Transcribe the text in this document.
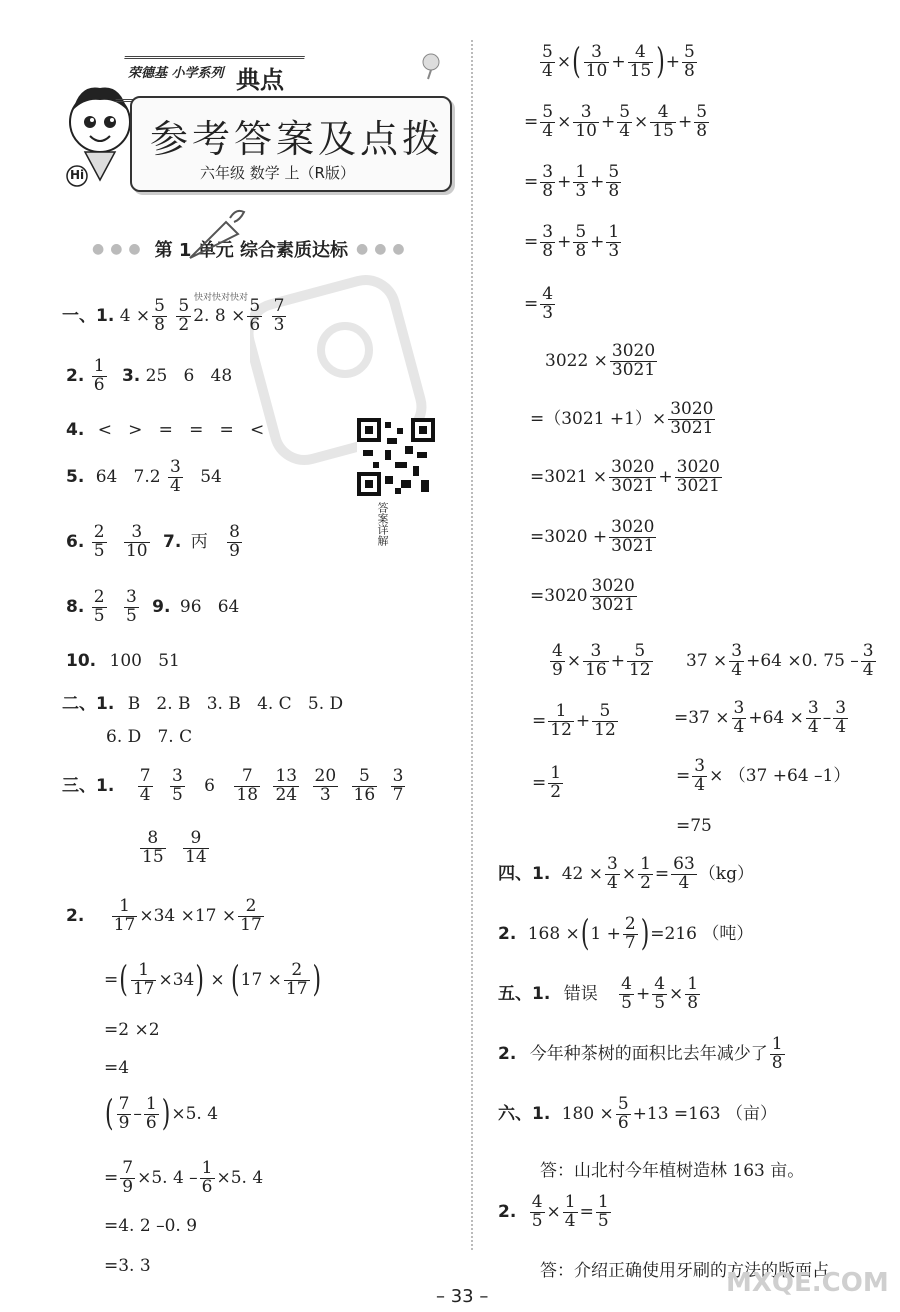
Hi
荣德基 小学系列 典点
参考答案及点拨
六年级 数学 上（R版）
●●● 第 1 单元 综合素质达标 ●●●
快对快对快对
答案详解
一、1. $4 \times \frac{5}{8}$
$\frac{5}{2} 2$. $8 \times \frac{5}{6}$
$\frac{7}{3}$
2. $\frac{1}{6} 3$. 25   6   48
4. <   >   =   =   =   <
5. 64   $7.2 \frac{3}{4} 54$
6. $\frac{2}{5}$
$\frac{3}{10} 7$. 丙 $\frac{8}{9}$
8. $\frac{2}{5}$
$\frac{3}{5} 9$. 96   64
10. 100   51
二、1. B   2. B   3. B   4. C   5. D
6. D   7. C
三、1. $\frac{7}{4}$
$\frac{3}{5} 6 \frac{7}{18}$
$\frac{13}{24}$
$\frac{20}{3}$
$\frac{5}{16}$
$\frac{3}{7}$
$\frac{8}{15}$
$\frac{9}{14}$
2. $\frac{1}{17} \times 34 \times 17 \times \frac{2}{17}$
=( $\frac{1}{17} \times 34) \times (17 \times \frac{2}{17}$ )
=2 ×2
=4
( $\frac{7}{9} - \frac{1}{6} )\times 5$. 4
= $\frac{7}{9} \times 5$. $4 - \frac{1}{6} \times 5$. 4
=4. 2 –0. 9
=3. 3
$\frac{5}{4}$ ×( $\frac{3}{10} + \frac{4}{15}$ )+ $\frac{5}{8}$
= $\frac{5}{4} \times \frac{3}{10} + \frac{5}{4} \times \frac{4}{15} + \frac{5}{8}$
= $\frac{3}{8} + \frac{1}{3} + \frac{5}{8}$
= $\frac{3}{8} + \frac{5}{8} + \frac{1}{3}$
= $\frac{4}{3}$
$3022 \times \frac{3020}{3021}$
$=(3021 +1)\times \frac{3020}{3021}$
$=3021 \times \frac{3020}{3021} + \frac{3020}{3021}$
$=3020 + \frac{3020}{3021}$
$=3020 \frac{3020}{3021}$
$\frac{4}{9} \times \frac{3}{16} + \frac{5}{12}$
= $\frac{1}{12} + \frac{5}{12}$
= $\frac{1}{2}$
$37 \times \frac{3}{4} +64 \times 0$. $75 - \frac{3}{4}$
$=37 \times \frac{3}{4} +64 \times \frac{3}{4} - \frac{3}{4}$
= $\frac{3}{4} \times (37 +64$ –1）
=75
四、1. $42 \times \frac{3}{4} \times \frac{1}{2} = \frac{63}{4} (kg)$
2. $168 \times(1 + \frac{2}{7} )=216$ （吨）
五、1. 错误 $\frac{4}{5} + \frac{4}{5} \times \frac{1}{8}$
2. 今年种茶树的面积比去年减少了 $\frac{1}{8}$
六、1. $180 \times \frac{5}{6} +13 =163$ （亩）
答：山北村今年植树造林 163 亩。
2. $\frac{4}{5} \times \frac{1}{4} = \frac{1}{5}$
答：介绍正确使用牙刷的方法的版面占
MXQE.COM
– 33 –
